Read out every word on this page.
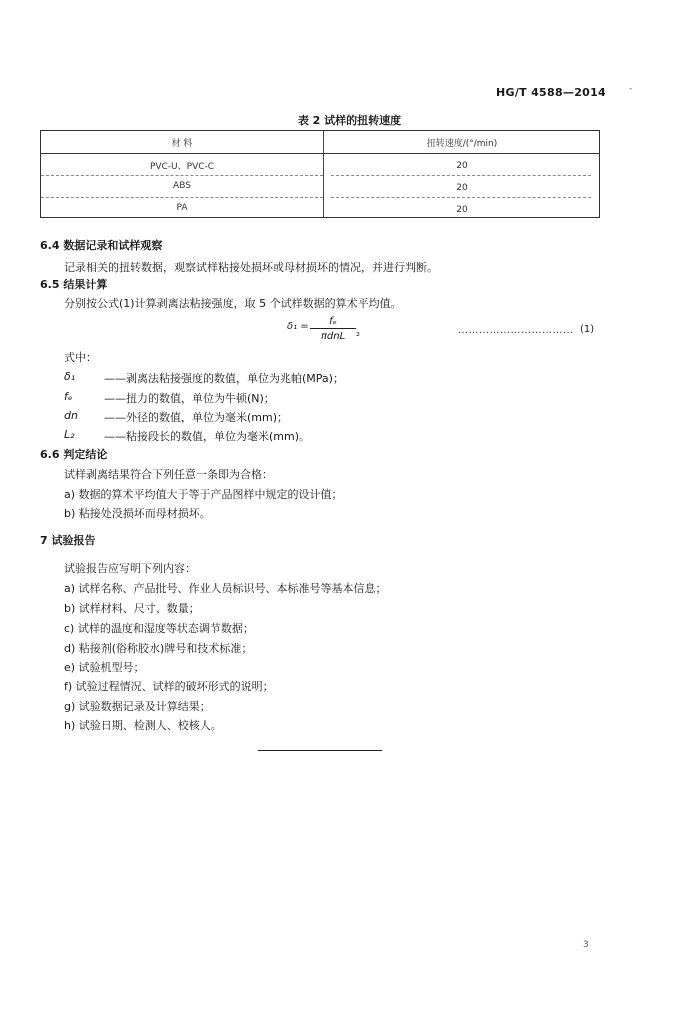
HG/T 4588—2014	-
表 2 试样的扭转速度
材 料	扭转速度/(°/min)
PVC-U、PVC-C	20
ABS	20
PA	20
6.4 数据记录和试样观察
记录相关的扭转数据，观察试样粘接处损坏或母材损坏的情况，并进行判断。
6.5 结果计算
分别按公式(1)计算剥离法粘接强度，取 5 个试样数据的算术平均值。
δ₁ =	fₑ
πdnL	₂	…………………………… (1)
式中：
δ₁	——剥离法粘接强度的数值，单位为兆帕(MPa)；
fₑ	——扭力的数值，单位为牛顿(N)；
dn ——外径的数值，单位为毫米(mm)；
L₂	——粘接段长的数值，单位为毫米(mm)。
6.6 判定结论
试样剥离结果符合下列任意一条即为合格：
a) 数据的算术平均值大于等于产品图样中规定的设计值；
b) 粘接处没损坏而母材损坏。
7 试验报告
试验报告应写明下列内容：
a) 试样名称、产品批号、作业人员标识号、本标准号等基本信息；
b) 试样材料、尺寸、数量；
c) 试样的温度和湿度等状态调节数据；
d) 粘接剂(俗称胶水)牌号和技术标准；
e) 试验机型号；
f) 试验过程情况、试样的破坏形式的说明；
g) 试验数据记录及计算结果；
h) 试验日期、检测人、校核人。
3
